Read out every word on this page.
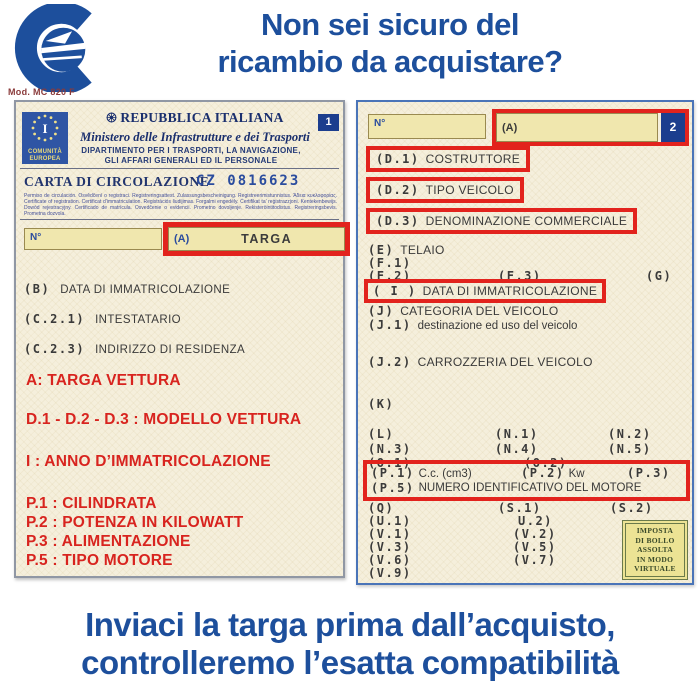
Non sei sicuro del
ricambio da acquistare?
Mod. MC 820 F
I
COMUNITÀ
EUROPEA
REPUBBLICA ITALIANA
Ministero delle Infrastrutture e dei Trasporti
DIPARTIMENTO PER I TRASPORTI, LA NAVIGAZIONE,
GLI AFFARI GENERALI ED IL PERSONALE
1
CARTA DI CIRCOLAZIONE
CZ 0816623
Permiso de circulación. Osvědčení o registraci. Registreringsattest. Zulassungsbescheinigung. Registreerimistunnistus. Άδεια κυκλοφορίας. Certificate of registration. Certificat d’immatriculation. Registrációs liudijimas. Forgalmi engedély. Ċertifikat ta’ reġistrazzjoni. Kentekenbewijs. Dowód rejestracyjny. Certificado de matrícula. Osvedčenie o evidencii. Prometno dovoljenje. Rekisteröintitodistus. Registreringsbevis. Prometna dozvola.
N°	(A)	TARGA
(B) DATA DI IMMATRICOLAZIONE
(C.2.1) INTESTATARIO
(C.2.3) INDIRIZZO DI RESIDENZA
A: TARGA VETTURA
D.1 - D.2 - D.3 : MODELLO VETTURA
I : ANNO D’IMMATRICOLAZIONE
P.1 : CILINDRATA
P.2 : POTENZA IN KILOWATT
P.3 : ALIMENTAZIONE
P.5 : TIPO MOTORE
N°	(A)	2
(D.1) COSTRUTTORE
(D.2) TIPO VEICOLO
(D.3) DENOMINAZIONE COMMERCIALE
(E) TELAIO
(F.1)
(F.2)	(F.3)	(G)
( I ) DATA DI IMMATRICOLAZIONE
(J) CATEGORIA DEL VEICOLO
(J.1) destinazione ed uso del veicolo
(J.2) CARROZZERIA DEL VEICOLO
(K)
(L)	(N.1)	(N.2)
(N.3)	(N.4)	(N.5)
(O.1)	(O.2)
(P.1) C.c. (cm3)	(P.2) Kw	(P.3)
(P.5) NUMERO IDENTIFICATIVO DEL MOTORE
(Q)	(S.1)	(S.2)
(U.1)	U.2)
(V.1)	(V.2)
(V.3)	(V.5)
(V.6)	(V.7)
(V.9)
IMPOSTA
DI BOLLO
ASSOLTA
IN MODO
VIRTUALE
Inviaci la targa prima dall’acquisto,
controlleremo l’esatta compatibilità
